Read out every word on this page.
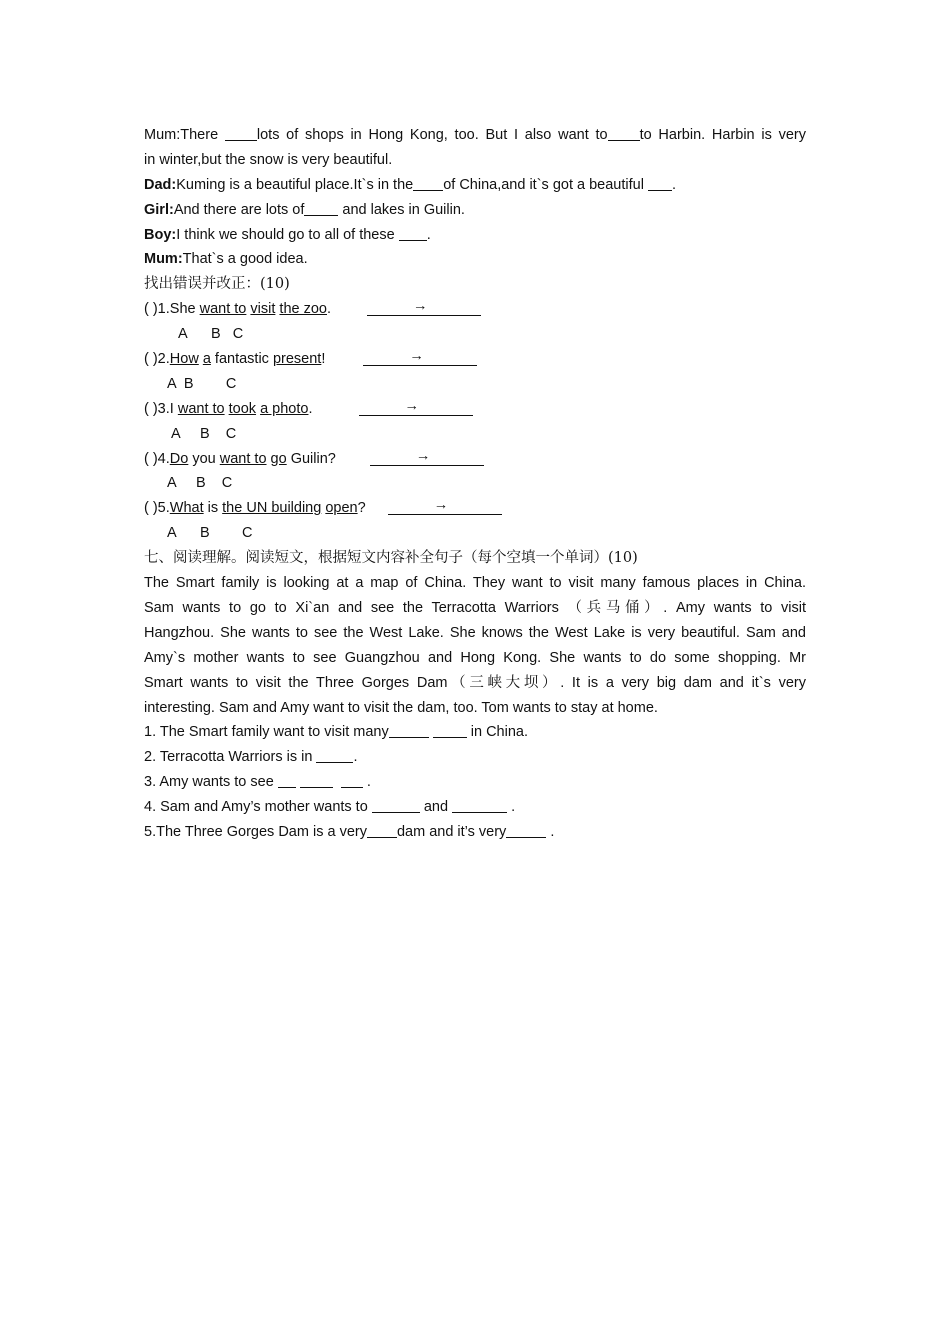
Mum:There lots of shops in Hong Kong, too. But I also want to to Harbin. Harbin is very
in winter,but the snow is very beautiful.
Dad:Kuming is a beautiful place.It`s in the of China,and it`s got a beautiful .
Girl:And there are lots of and lakes in Guilin.
Boy:I think we should go to all of these .
Mum:That`s a good idea.
找出错误并改正：(10)
( )1.She want to visit the zoo.	→
A      B   C
( )2.How a fantastic present!	→
A  B        C
( )3.I want to took a photo.	→
A     B    C
( )4.Do you want to go Guilin?	→
A     B    C
( )5.What is the UN building open?	→
A      B        C
七、阅读理解。阅读短文，根据短文内容补全句子（每个空填一个单词）(10)
The Smart family is looking at a map of China. They want to visit many famous places in China.
Sam wants to go to Xi`an and see the Terracotta Warriors （兵马俑）. Amy wants to visit
Hangzhou. She wants to see the West Lake. She knows the West Lake is very beautiful. Sam and
Amy`s mother wants to see Guangzhou and Hong Kong. She wants to do some shopping. Mr
Smart wants to visit the Three Gorges Dam（三峡大坝）. It is a very big dam and it`s very
interesting. Sam and Amy want to visit the dam, too. Tom wants to stay at home.
1. The Smart family want to visit many	in China.
2. Terracotta Warriors is in	.
3. Amy wants to see	.
4. Sam and Amy’s mother wants to	and	.
5.The Three Gorges Dam is a very dam and it’s very	.
